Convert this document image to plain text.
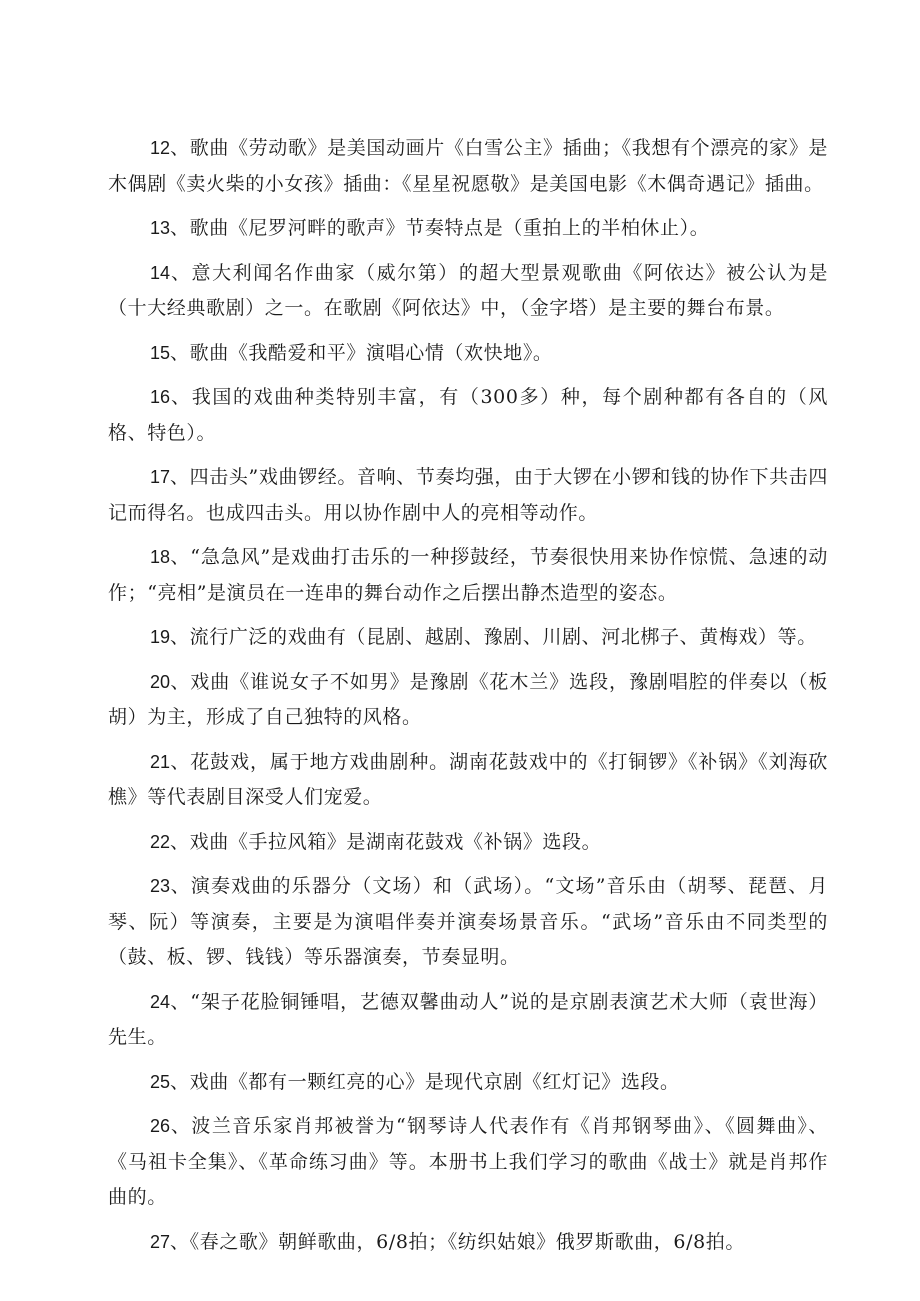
12、歌曲《劳动歌》是美国动画片《白雪公主》插曲；《我想有个漂亮的家》是木偶剧《卖火柴的小女孩》插曲：《星星祝愿敬》是美国电影《木偶奇遇记》插曲。

13、歌曲《尼罗河畔的歌声》节奏特点是（重拍上的半柏休止）。

14、意大利闻名作曲家（威尔第）的超大型景观歌曲《阿依达》被公认为是（十大经典歌剧）之一。在歌剧《阿依达》中，（金字塔）是主要的舞台布景。

15、歌曲《我酷爱和平》演唱心情（欢快地》。

16、我国的戏曲种类特别丰富，有（300多）种，每个剧种都有各自的（风格、特色）。

17、四击头”戏曲锣经。音响、节奏均强，由于大锣在小锣和钱的协作下共击四记而得名。也成四击头。用以协作剧中人的亮相等动作。

18、“急急风”是戏曲打击乐的一种拶鼓经，节奏很快用来协作惊慌、急速的动作；“亮相”是演员在一连串的舞台动作之后摆出静杰造型的姿态。

19、流行广泛的戏曲有（昆剧、越剧、豫剧、川剧、河北梆子、黄梅戏）等。

20、戏曲《谁说女子不如男》是豫剧《花木兰》选段，豫剧唱腔的伴奏以（板胡）为主，形成了自己独特的风格。

21、花鼓戏，属于地方戏曲剧种。湖南花鼓戏中的《打铜锣》《补锅》《刘海砍樵》等代表剧目深受人们宠爱。

22、戏曲《手拉风箱》是湖南花鼓戏《补锅》选段。

23、演奏戏曲的乐器分（文场）和（武场）。“文场”音乐由（胡琴、琵琶、月琴、阮）等演奏，主要是为演唱伴奏并演奏场景音乐。“武场”音乐由不同类型的（鼓、板、锣、钱钱）等乐器演奏，节奏显明。

24、“架子花脸铜锤唱，艺德双馨曲动人”说的是京剧表演艺术大师（袁世海）先生。

25、戏曲《都有一颗红亮的心》是现代京剧《红灯记》选段。

26、波兰音乐家肖邦被誉为“钢琴诗人代表作有《肖邦钢琴曲》、《圆舞曲》、《马祖卡全集》、《革命练习曲》等。本册书上我们学习的歌曲《战士》就是肖邦作曲的。

27、《春之歌》朝鲜歌曲，6/8拍；《纺织姑娘》俄罗斯歌曲，6/8拍。
